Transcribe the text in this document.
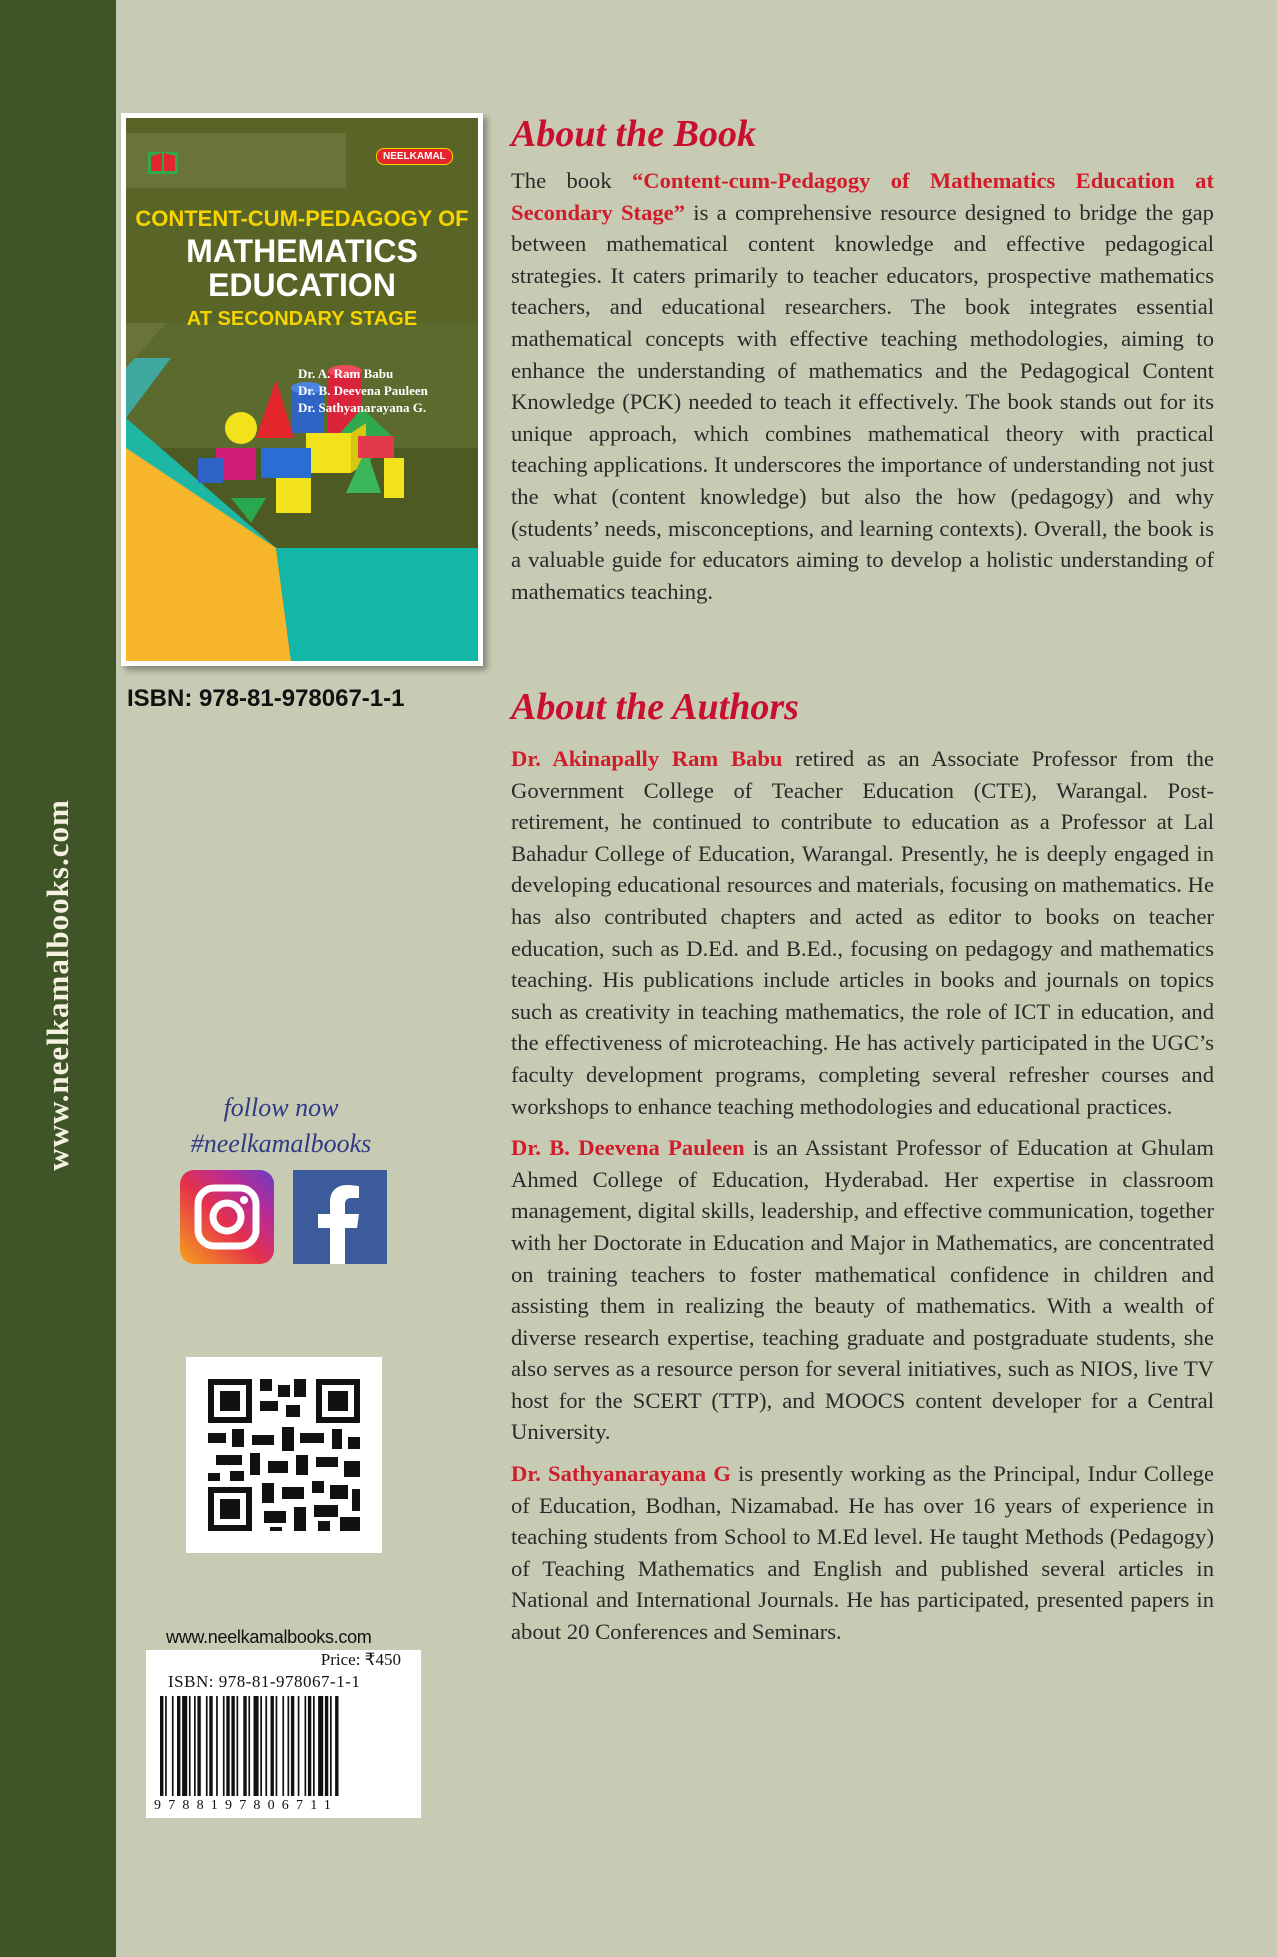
www.neelkamalbooks.com
NEELKAMAL
CONTENT-CUM-PEDAGOGY OF
MATHEMATICS
EDUCATION
AT SECONDARY STAGE
Dr. A. Ram Babu
Dr. B. Deevena Pauleen
Dr. Sathyanarayana G.
ISBN: 978-81-978067-1-1
follow now
#neelkamalbooks
www.neelkamalbooks.com
Price: ₹450
ISBN: 978-81-978067-1-1
9788197806711
About the Book

The book “Content-cum-Pedagogy of Mathematics Education at Secondary Stage” is a comprehensive resource designed to bridge the gap between mathematical content knowledge and effective pedagogical strategies. It caters primarily to teacher educators, prospective mathematics teachers, and educational researchers. The book integrates essential mathematical concepts with effective teaching methodologies, aiming to enhance the understanding of mathematics and the Pedagogical Content Knowledge (PCK) needed to teach it effectively. The book stands out for its unique approach, which combines mathematical theory with practical teaching applications. It underscores the importance of understanding not just the what (content knowledge) but also the how (pedagogy) and why (students’ needs, misconceptions, and learning contexts). Overall, the book is a valuable guide for educators aiming to develop a holistic understanding of mathematics teaching.

About the Authors

Dr. Akinapally Ram Babu retired as an Associate Professor from the Government College of Teacher Education (CTE), Warangal. Post-retirement, he continued to contribute to education as a Professor at Lal Bahadur College of Education, Warangal. Presently, he is deeply engaged in developing educational resources and materials, focusing on mathematics. He has also contributed chapters and acted as editor to books on teacher education, such as D.Ed. and B.Ed., focusing on pedagogy and mathematics teaching. His publications include articles in books and journals on topics such as creativity in teaching mathematics, the role of ICT in education, and the effectiveness of microteaching. He has actively participated in the UGC’s faculty development programs, completing several refresher courses and workshops to enhance teaching methodologies and educational practices.

Dr. B. Deevena Pauleen is an Assistant Professor of Education at Ghulam Ahmed College of Education, Hyderabad. Her expertise in classroom management, digital skills, leadership, and effective communication, together with her Doctorate in Education and Major in Mathematics, are concentrated on training teachers to foster mathematical confidence in children and assisting them in realizing the beauty of mathematics. With a wealth of diverse research expertise, teaching graduate and postgraduate students, she also serves as a resource person for several initiatives, such as NIOS, live TV host for the SCERT (TTP), and MOOCS content developer for a Central University.

Dr. Sathyanarayana G is presently working as the Principal, Indur College of Education, Bodhan, Nizamabad. He has over 16 years of experience in teaching students from School to M.Ed level. He taught Methods (Pedagogy) of Teaching Mathematics and English and published several articles in National and International Journals. He has participated, presented papers in about 20 Conferences and Seminars.
